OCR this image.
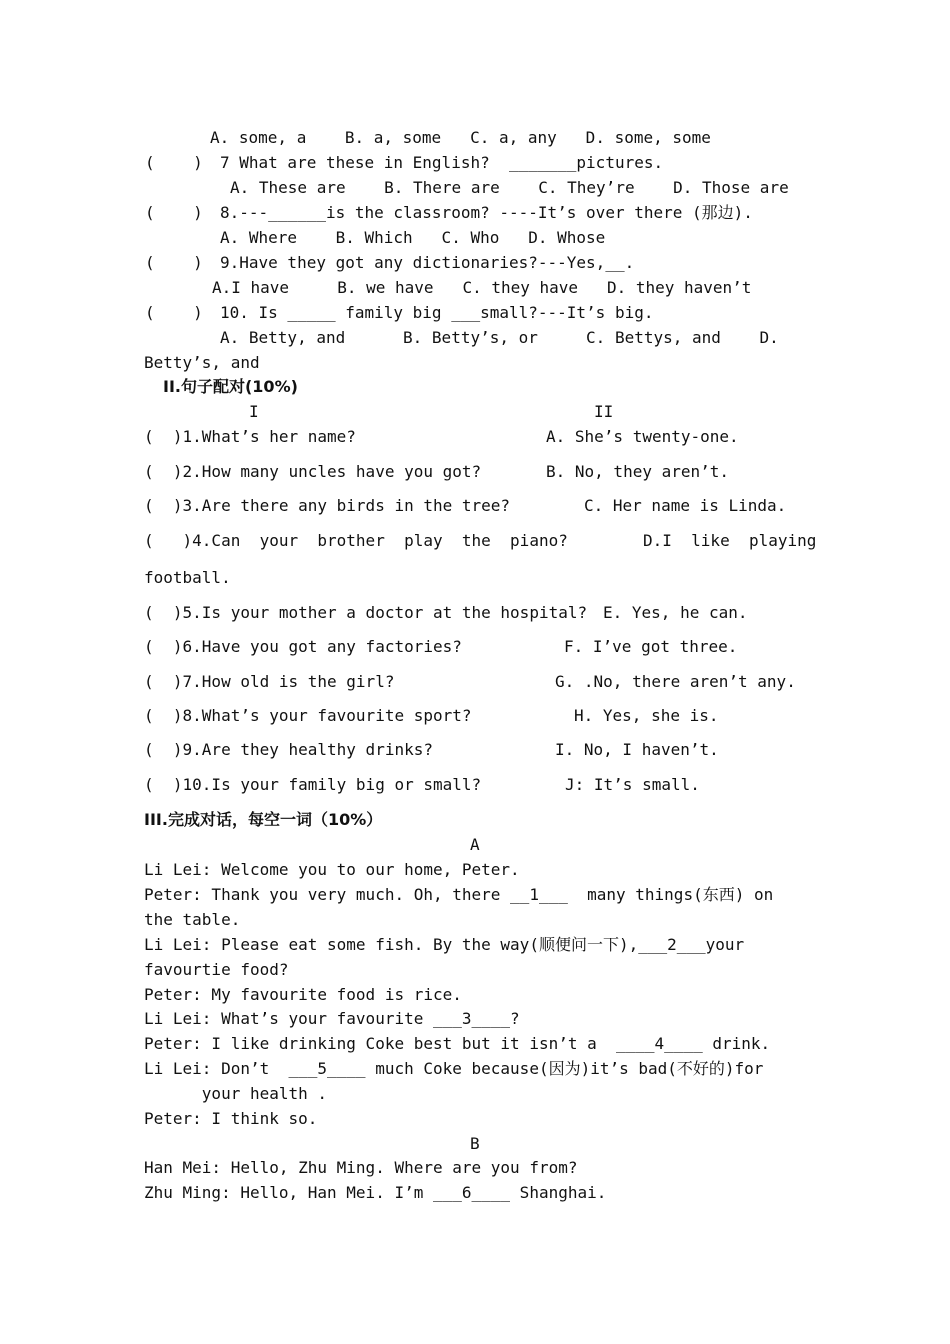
A. some, a    B. a, some   C. a, any   D. some, some
(    ) 7 What are these in English?  _______pictures.
A. These are    B. There are    C. They’re    D. Those are
(    ) 8.---______is the classroom? ----It’s over there (那边).
A. Where    B. Which   C. Who   D. Whose
(    ) 9.Have they got any dictionaries?---Yes,__.
A.I have     B. we have   C. they have   D. they haven’t
(    ) 10. Is _____ family big ___small?---It’s big.
A. Betty, and      B. Betty’s, or     C. Bettys, and    D.
Betty’s, and
II.句子配对(10%)
I	II
(  )1.What’s her name?	A. She’s twenty-one.
(  )2.How many uncles have you got?	B. No, they aren’t.
(  )3.Are there any birds in the tree?	C. Her name is Linda.
(   )4.Can  your  brother  play  the  piano?	D.I  like  playing
football.
(  )5.Is your mother a doctor at the hospital? E. Yes, he can.
(  )6.Have you got any factories?	F. I’ve got three.
(  )7.How old is the girl?	G. .No, there aren’t any.
(  )8.What’s your favourite sport?	H. Yes, she is.
(  )9.Are they healthy drinks?	I. No, I haven’t.
(  )10.Is your family big or small?	J: It’s small.
III.完成对话，每空一词（10%）
A
Li Lei: Welcome you to our home, Peter.
Peter: Thank you very much. Oh, there __1___  many things(东西) on
the table.
Li Lei: Please eat some fish. By the way(顺便问一下),___2___your
favourtie food?
Peter: My favourite food is rice.
Li Lei: What’s your favourite ___3____?
Peter: I like drinking Coke best but it isn’t a  ____4____ drink.
Li Lei: Don’t  ___5____ much Coke because(因为)it’s bad(不好的)for
your health .
Peter: I think so.
B
Han Mei: Hello, Zhu Ming. Where are you from?
Zhu Ming: Hello, Han Mei. I’m ___6____ Shanghai.
